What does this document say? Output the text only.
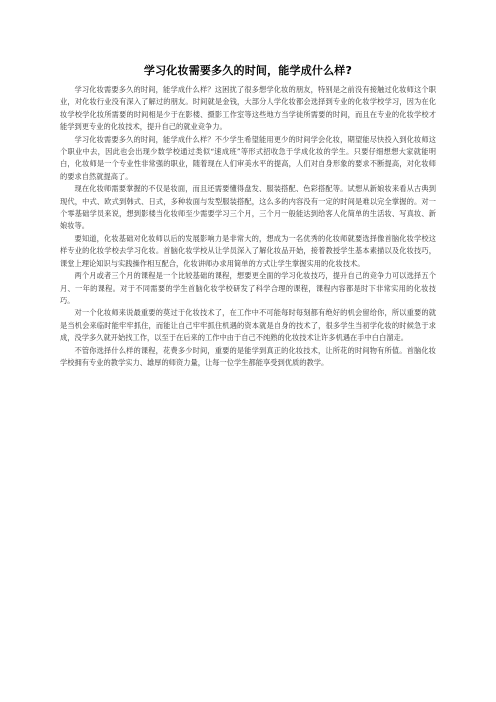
学习化妆需要多久的时间，能学成什么样?

学习化妆需要多久的时间，能学成什么样？这困扰了很多想学化妆的朋友，特别是之前没有接触过化妆师这个职业，对化妆行业没有深入了解过的朋友。时间就是金钱，大部分人学化妆都会选择到专业的化妆学校学习，因为在化妆学校学化妆所需要的时间相是少于在影楼、摄影工作室等这些地方当学徒所需要的时间，而且在专业的化妆学校才能学到更专业的化妆技术，提升自己的就业竞争力。

学习化妆需要多久的时间，能学成什么样？不少学生希望能用更少的时间学会化妆，期望能尽快投入到化妆师这个职业中去，因此也会出现少数学校通过类似“速成班”等形式招收急于学成化妆的学生。只要仔细想想大家就能明白，化妆师是一个专业性非常强的职业，随着现在人们审美水平的提高，人们对自身形象的要求不断提高，对化妆师的要求自然就提高了。

现在化妆师需要掌握的不仅是妆面，而且还需要懂得盘发、服装搭配、色彩搭配等。试想从新娘妆来看从古典到现代，中式、欧式到韩式、日式，多种妆面与发型服装搭配，这么多的内容没有一定的时间是难以完全掌握的。对一个零基础学员来说，想到影楼当化妆师至少需要学习三个月，三个月一般能达到给客人化简单的生活妆、写真妆、新娘妆等。

要知道，化妆基础对化妆师以后的发展影响力是非常大的，想成为一名优秀的化妆师就要选择像首脑化妆学校这样专业的化妆学校去学习化妆。首脑化妆学校从让学员深入了解化妆品开始，接着教授学生基本素描以及化妆技巧，课堂上理论知识与实践操作相互配合，化妆讲师办求用简单的方式让学生掌握实用的化妆技术。

两个月或者三个月的课程是一个比较基础的课程，想要更全面的学习化妆技巧，提升自己的竞争力可以选择五个月、一年的课程。对于不同需要的学生首脑化妆学校研发了科学合理的课程，课程内容都是时下非常实用的化妆技巧。

对一个化妆师来说最重要的莫过于化妆技术了，在工作中不可能每时每刻都有绝好的机会留给你，所以重要的就是当机会来临时能牢牢抓住，而能让自己牢牢抓住机遇的资本就是自身的技术了，很多学生当初学化妆的时候急于求成，没学多久就开始找工作，以至于在后来的工作中由于自己不纯熟的化妆技术让许多机遇在手中白白溜走。

不管你选择什么样的课程，花费多少时间，重要的是能学到真正的化妆技术，让所花的时间物有所值。首脑化妆学校拥有专业的教学实力、雄厚的师资力量，让每一位学生都能享受到优质的教学。
